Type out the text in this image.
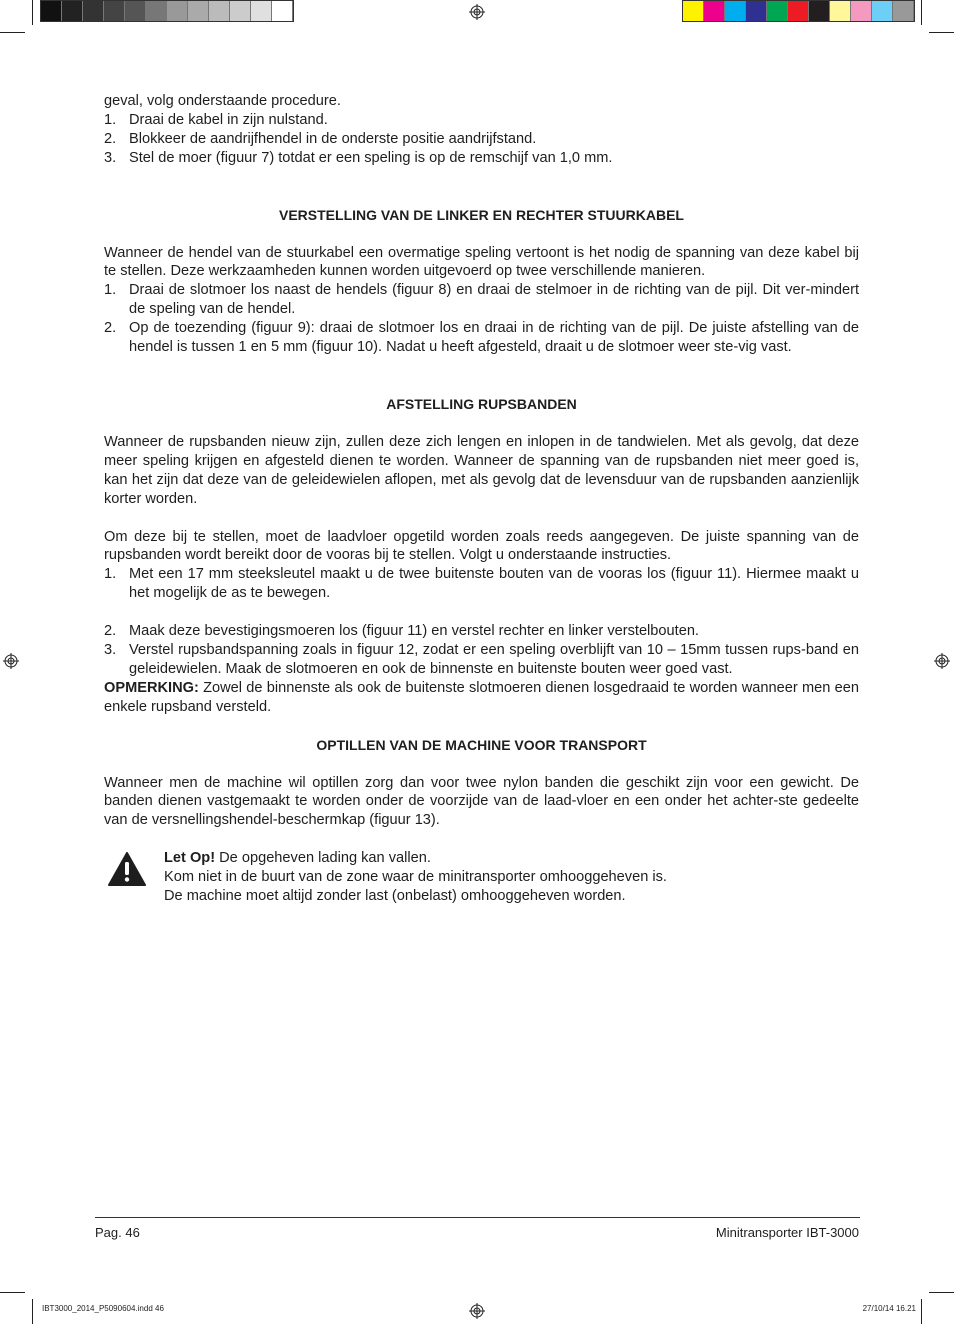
geval, volg onderstaande procedure.

1. Draai de kabel in zijn nulstand.
2. Blokkeer de aandrijfhendel in de onderste positie aandrijfstand.
3. Stel de moer (figuur 7) totdat er een speling is op de remschijf van 1,0 mm.
VERSTELLING VAN DE LINKER EN RECHTER STUURKABEL

Wanneer de hendel van de stuurkabel een overmatige speling vertoont is het nodig de spanning van deze kabel bij te stellen. Deze werkzaamheden kunnen worden uitgevoerd op twee verschillende manieren.

1. Draai de slotmoer los naast de hendels (figuur 8) en draai de stelmoer in de richting van de pijl. Dit ver-mindert de speling van de hendel.
2. Op de toezending (figuur 9): draai de slotmoer los en draai in de richting van de pijl. De juiste afstelling van de hendel is tussen 1 en 5 mm (figuur 10). Nadat u heeft afgesteld, draait u de slotmoer weer ste-vig vast.
AFSTELLING RUPSBANDEN

Wanneer de rupsbanden nieuw zijn, zullen deze zich lengen en inlopen in de tandwielen. Met als gevolg, dat deze meer speling krijgen en afgesteld dienen te worden. Wanneer de spanning van de rupsbanden niet meer goed is, kan het zijn dat deze van de geleidewielen aflopen, met als gevolg dat de levensduur van de rupsbanden aanzienlijk korter worden.

Om deze bij te stellen, moet de laadvloer opgetild worden zoals reeds aangegeven. De juiste spanning van de rupsbanden wordt bereikt door de vooras bij te stellen. Volgt u onderstaande instructies.

1. Met een 17 mm steeksleutel maakt u de twee buitenste bouten van de vooras los (figuur 11). Hiermee maakt u het mogelijk de as te bewegen.
2. Maak deze bevestigingsmoeren los (figuur 11) en verstel rechter en linker verstelbouten.
3. Verstel rupsbandspanning zoals in figuur 12, zodat er een speling overblijft van 10 – 15mm tussen rups-band en geleidewielen. Maak de slotmoeren en ook de binnenste en buitenste bouten weer goed vast.

OPMERKING: Zowel de binnenste als ook de buitenste slotmoeren dienen losgedraaid te worden wanneer men een enkele rupsband versteld.

OPTILLEN VAN DE MACHINE VOOR TRANSPORT

Wanneer men de machine wil optillen zorg dan voor twee nylon banden die geschikt zijn voor een gewicht. De banden dienen vastgemaakt te worden onder de voorzijde van de laad-vloer en een onder het achter-ste gedeelte van de versnellingshendel-beschermkap (figuur 13).

Let Op! De opgeheven lading kan vallen.
Kom niet in de buurt van de zone waar de minitransporter omhooggeheven is.
De machine moet altijd zonder last (onbelast) omhooggeheven worden.
Pag. 46	Minitransporter IBT-3000
IBT3000_2014_P5090604.indd 46	27/10/14 16.21
